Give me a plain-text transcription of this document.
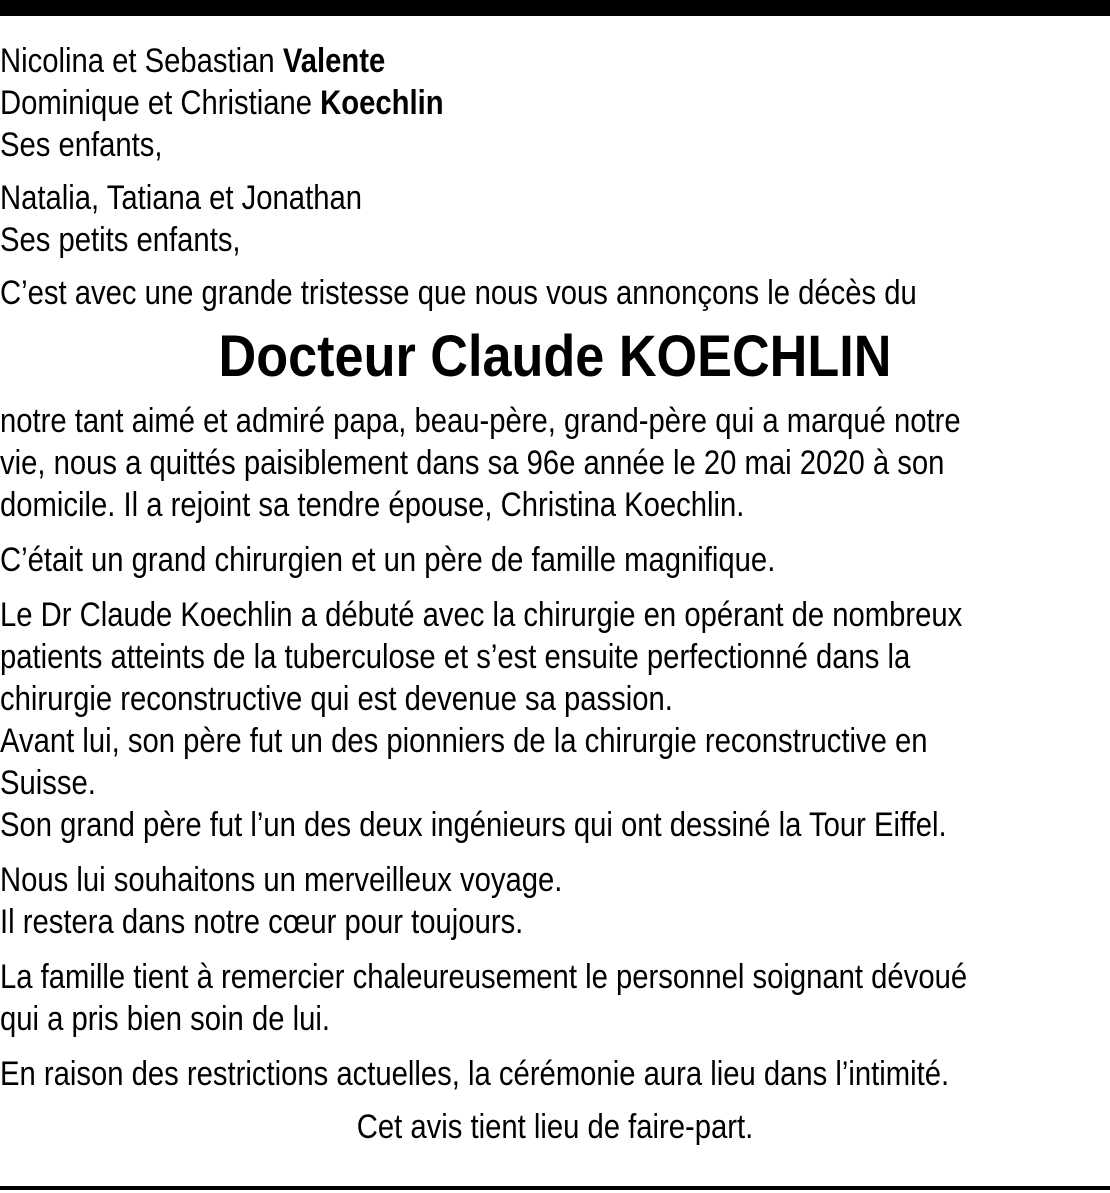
Nicolina et Sebastian Valente
Dominique et Christiane Koechlin
Ses enfants,
Natalia, Tatiana et Jonathan
Ses petits enfants,
C’est avec une grande tristesse que nous vous annonçons le décès du
Docteur Claude KOECHLIN
notre tant aimé et admiré papa, beau-père, grand-père qui a marqué notre
vie, nous a quittés paisiblement dans sa 96e année le 20 mai 2020 à son
domicile. Il a rejoint sa tendre épouse, Christina Koechlin.
C’était un grand chirurgien et un père de famille magnifique.
Le Dr Claude Koechlin a débuté avec la chirurgie en opérant de nombreux
patients atteints de la tuberculose et s’est ensuite perfectionné dans la
chirurgie reconstructive qui est devenue sa passion.
Avant lui, son père fut un des pionniers de la chirurgie reconstructive en
Suisse.
Son grand père fut l’un des deux ingénieurs qui ont dessiné la Tour Eiffel.
Nous lui souhaitons un merveilleux voyage.
Il restera dans notre cœur pour toujours.
La famille tient à remercier chaleureusement le personnel soignant dévoué
qui a pris bien soin de lui.
En raison des restrictions actuelles, la cérémonie aura lieu dans l’intimité.
Cet avis tient lieu de faire-part.
